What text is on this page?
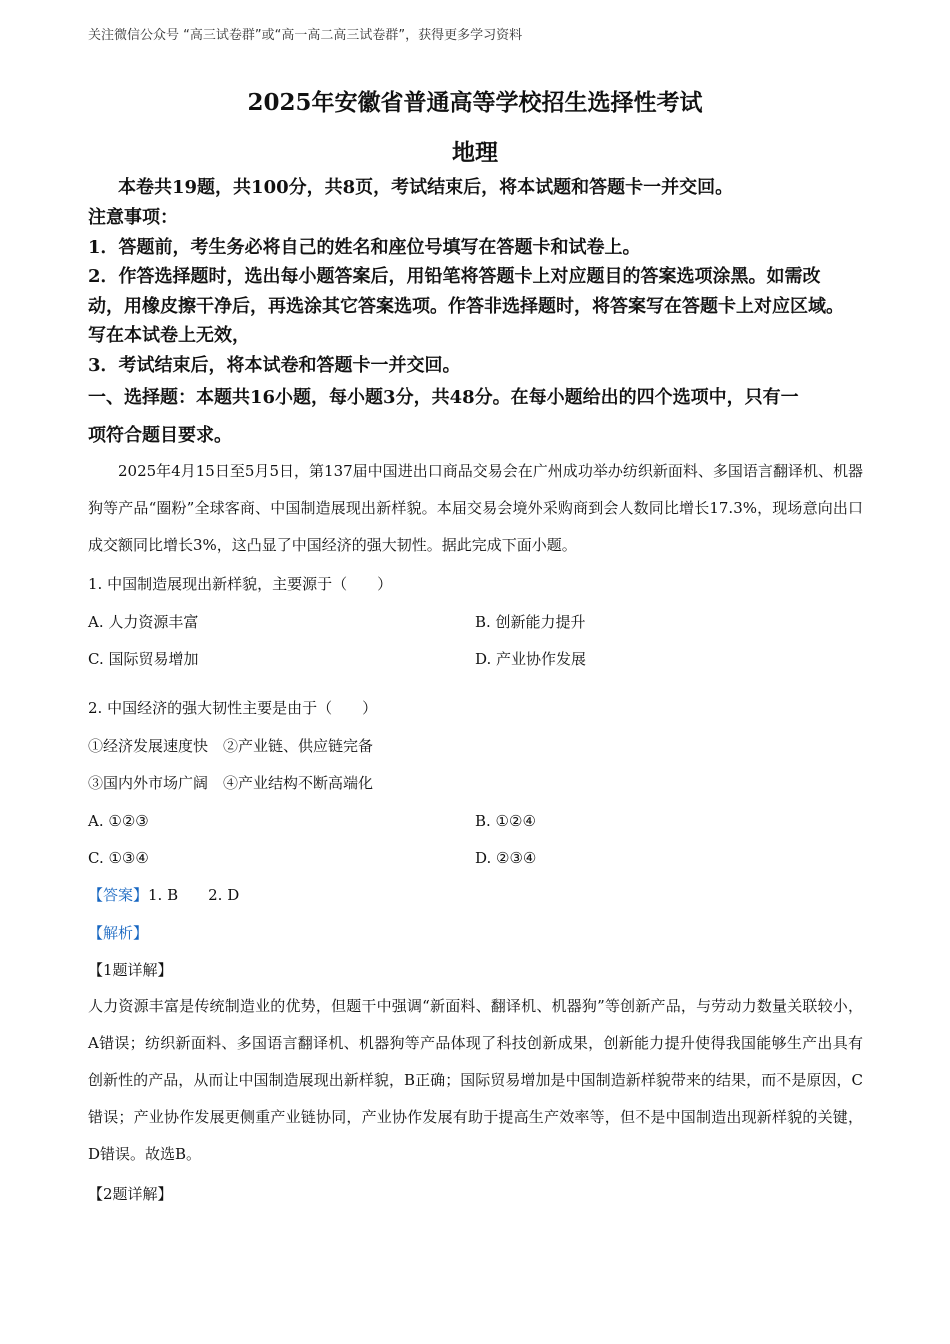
关注微信公众号 “高三试卷群”或“高一高二高三试卷群”，获得更多学习资料
2025年安徽省普通高等学校招生选择性考试
地理
本卷共19题，共100分，共8页，考试结束后，将本试题和答题卡一并交回。
注意事项：
1．答题前，考生务必将自己的姓名和座位号填写在答题卡和试卷上。
2．作答选择题时，选出每小题答案后，用铅笔将答题卡上对应题目的答案选项涂黑。如需改
动，用橡皮擦干净后，再选涂其它答案选项。作答非选择题时，将答案写在答题卡上对应区域。
写在本试卷上无效，
3．考试结束后，将本试卷和答题卡一并交回。
一、选择题：本题共16小题，每小题3分，共48分。在每小题给出的四个选项中，只有一
项符合题目要求。
2025年4月15日至5月5日，第137届中国进出口商品交易会在广州成功举办纺织新面料、多国语言翻译机、机器狗等产品“圈粉”全球客商、中国制造展现出新样貌。本届交易会境外采购商到会人数同比增长17.3%，现场意向出口成交额同比增长3%，这凸显了中国经济的强大韧性。据此完成下面小题。
1. 中国制造展现出新样貌，主要源于（　　）
A. 人力资源丰富	B. 创新能力提升
C. 国际贸易增加	D. 产业协作发展
2. 中国经济的强大韧性主要是由于（　　）
①经济发展速度快　②产业链、供应链完备
③国内外市场广阔　④产业结构不断高端化
A. ①②③	B. ①②④
C. ①③④	D. ②③④
【答案】1. B　　2. D
【解析】
【1题详解】
人力资源丰富是传统制造业的优势，但题干中强调“新面料、翻译机、机器狗”等创新产品，与劳动力数量关联较小，A错误；纺织新面料、多国语言翻译机、机器狗等产品体现了科技创新成果，创新能力提升使得我国能够生产出具有创新性的产品，从而让中国制造展现出新样貌，B正确；国际贸易增加是中国制造新样貌带来的结果，而不是原因，C错误；产业协作发展更侧重产业链协同，产业协作发展有助于提高生产效率等，但不是中国制造出现新样貌的关键，D错误。故选B。
【2题详解】
